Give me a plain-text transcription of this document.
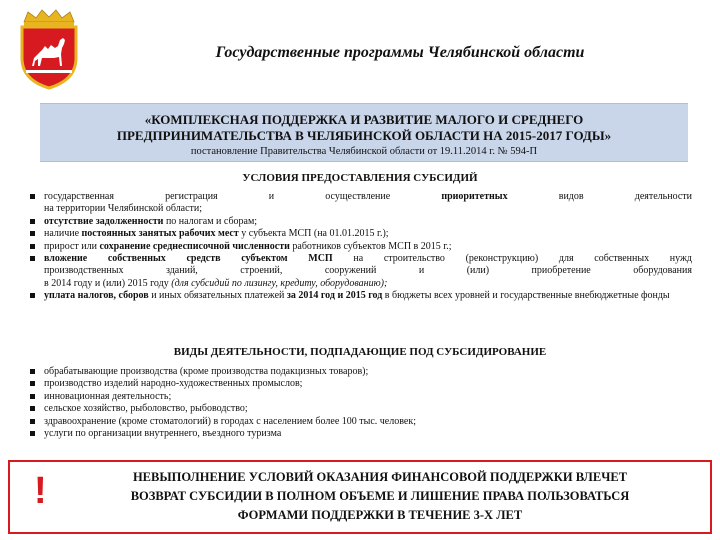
Государственные программы Челябинской области
«КОМПЛЕКСНАЯ ПОДДЕРЖКА И РАЗВИТИЕ МАЛОГО И СРЕДНЕГО
ПРЕДПРИНИМАТЕЛЬСТВА В ЧЕЛЯБИНСКОЙ ОБЛАСТИ НА 2015-2017 ГОДЫ»
постановление Правительства Челябинской области от 19.11.2014 г. № 594-П
УСЛОВИЯ ПРЕДОСТАВЛЕНИЯ СУБСИДИЙ
государственная регистрация и осуществление	приоритетных	видов деятельности
на территории Челябинской области;
отсутствие задолженности по налогам и сборам;
наличие постоянных занятых рабочих мест у субъекта МСП (на 01.01.2015 г.);
прирост или сохранение среднесписочной численности работников субъектов МСП в 2015 г.;
вложение собственных средств субъектом МСП на строительство (реконструкцию) для собственных нужд
производственных зданий, строений, сооружений и (или) приобретение оборудования
в 2014 году и (или) 2015 году (для субсидий по лизингу, кредиту, оборудованию);
уплата налогов, сборов и иных обязательных платежей за 2014 год и 2015 год в бюджеты всех уровней и государственные внебюджетные фонды
ВИДЫ ДЕЯТЕЛЬНОСТИ, ПОДПАДАЮЩИЕ ПОД СУБСИДИРОВАНИЕ
обрабатывающие производства (кроме производства подакцизных товаров);
производство изделий народно-художественных промыслов;
инновационная деятельность;
сельское хозяйство, рыболовство, рыбоводство;
здравоохранение (кроме стоматологий) в городах с населением более 100 тыс. человек;
услуги по организации внутреннего, въездного туризма
!	НЕВЫПОЛНЕНИЕ УСЛОВИЙ ОКАЗАНИЯ ФИНАНСОВОЙ ПОДДЕРЖКИ ВЛЕЧЕТ
ВОЗВРАТ СУБСИДИИ В ПОЛНОМ ОБЪЕМЕ И ЛИШЕНИЕ ПРАВА ПОЛЬЗОВАТЬСЯ
ФОРМАМИ ПОДДЕРЖКИ В ТЕЧЕНИЕ 3-Х ЛЕТ
